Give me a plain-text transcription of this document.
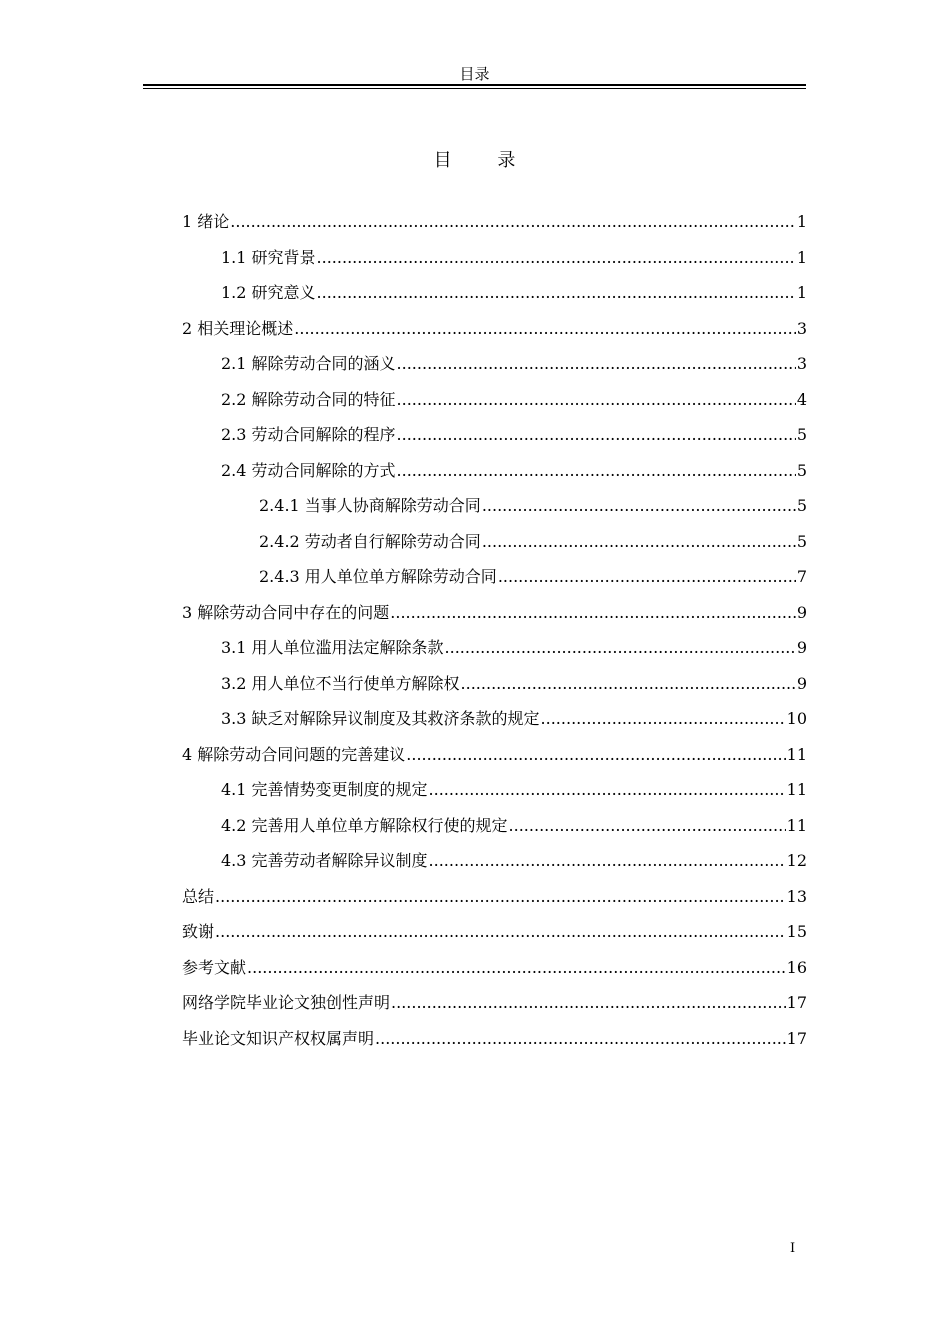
目录
目 录
1 绪论 .....	1
1.1 研究背景 .....	1
1.2 研究意义 .....	1
2 相关理论概述 .....	3
2.1 解除劳动合同的涵义 .....	3
2.2 解除劳动合同的特征 .....	4
2.3 劳动合同解除的程序 .....	5
2.4 劳动合同解除的方式 .....	5
2.4.1 当事人协商解除劳动合同 .....	5
2.4.2 劳动者自行解除劳动合同 .....	5
2.4.3 用人单位单方解除劳动合同 .....	7
3 解除劳动合同中存在的问题 .....	9
3.1 用人单位滥用法定解除条款 .....	9
3.2 用人单位不当行使单方解除权 .....	9
3.3 缺乏对解除异议制度及其救济条款的规定 .....	10
4 解除劳动合同问题的完善建议 .....	11
4.1 完善情势变更制度的规定 .....	11
4.2 完善用人单位单方解除权行使的规定 .....	11
4.3 完善劳动者解除异议制度 .....	12
总结 .....	13
致谢 .....	15
参考文献 .....	16
网络学院毕业论文独创性声明 .....	17
毕业论文知识产权权属声明 .....	17
I
